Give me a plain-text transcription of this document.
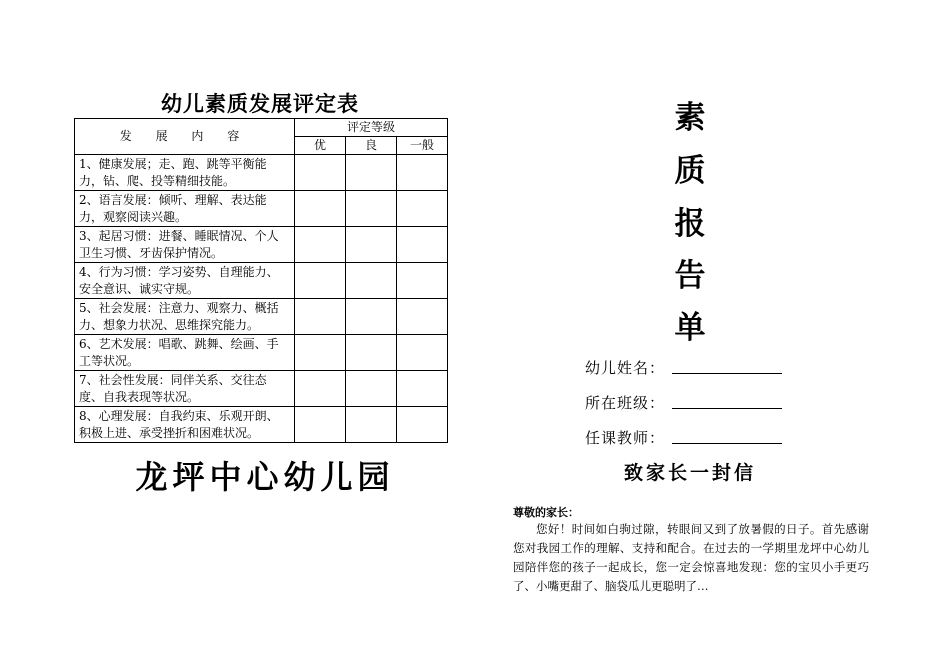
幼儿素质发展评定表
发 展 内 容	评定等级		
	优	良	一般
1、健康发展；走、跑、跳等平衡能力，钻、爬、投等精细技能。			
2、语言发展：倾听、理解、表达能力，观察阅读兴趣。			
3、起居习惯：进餐、睡眠情况、个人卫生习惯、牙齿保护情况。			
4、行为习惯：学习姿势、自理能力、安全意识、诚实守规。			
5、社会发展：注意力、观察力、概括力、想象力状况、思维探究能力。			
6、艺术发展：唱歌、跳舞、绘画、手工等状况。			
7、社会性发展：同伴关系、交往态度、自我表现等状况。			
8、心理发展：自我约束、乐观开朗、积极上进、承受挫折和困难状况。			
龙坪中心幼儿园
素
质
报
告
单
幼儿姓名：
所在班级：
任课教师：
致家长一封信
尊敬的家长：

您好！时间如白驹过隙，转眼间又到了放暑假的日子。首先感谢您对我园工作的理解、支持和配合。在过去的一学期里龙坪中心幼儿园陪伴您的孩子一起成长，您一定会惊喜地发现：您的宝贝小手更巧了、小嘴更甜了、脑袋瓜儿更聪明了…
